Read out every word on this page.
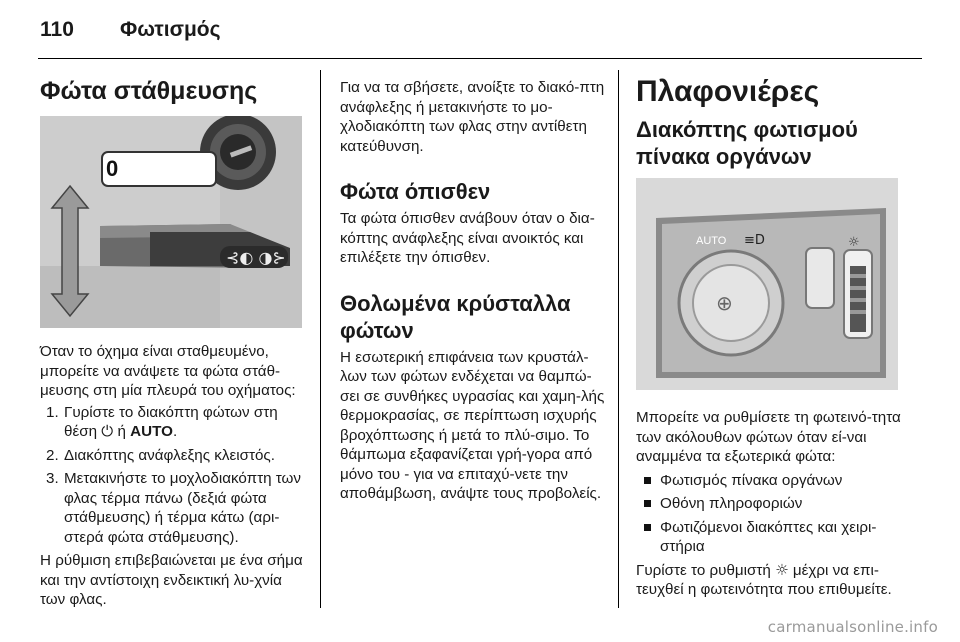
110 Φωτισμός
Φώτα στάθμευσης
0
⊰◐ ◑⊱

Όταν το όχημα είναι σταθμευμένο, μπορείτε να ανάψετε τα φώτα στάθ-μευσης στη μία πλευρά του οχήματος:

1. Γυρίστε το διακόπτη φώτων στη θέση ⏻ ή AUTO.
2. Διακόπτης ανάφλεξης κλειστός.
3. Μετακινήστε το μοχλοδιακόπτη των φλας τέρμα πάνω (δεξιά φώτα στάθμευσης) ή τέρμα κάτω (αρι-στερά φώτα στάθμευσης).

Η ρύθμιση επιβεβαιώνεται με ένα σήμα και την αντίστοιχη ενδεικτική λυ-χνία των φλας.

Για να τα σβήσετε, ανοίξτε το διακό-πτη ανάφλεξης ή μετακινήστε το μο-χλοδιακόπτη των φλας στην αντίθετη κατεύθυνση.

Φώτα όπισθεν

Τα φώτα όπισθεν ανάβουν όταν ο δια-κόπτης ανάφλεξης είναι ανοικτός και επιλέξετε την όπισθεν.

Θολωμένα κρύσταλλα φώτων

Η εσωτερική επιφάνεια των κρυστάλ-λων των φώτων ενδέχεται να θαμπώ-σει σε συνθήκες υγρασίας και χαμη-λής θερμοκρασίας, σε περίπτωση ισχυρής βροχόπτωσης ή μετά το πλύ-σιμο. Το θάμπωμα εξαφανίζεται γρή-γορα από μόνο του - για να επιταχύ-νετε την αποθάμβωση, ανάψτε τους προβολείς.

Πλαφονιέρες
Διακόπτης φωτισμού πίνακα οργάνων
⊕
AUTO ≡D	☼

Μπορείτε να ρυθμίσετε τη φωτεινό-τητα των ακόλουθων φώτων όταν εί-ναι αναμμένα τα εξωτερικά φώτα:

Φωτισμός πίνακα οργάνων
Οθόνη πληροφοριών
Φωτιζόμενοι διακόπτες και χειρι-στήρια

Γυρίστε το ρυθμιστή ☼ μέχρι να επι-τευχθεί η φωτεινότητα που επιθυμείτε.

carmanualsonline.info
